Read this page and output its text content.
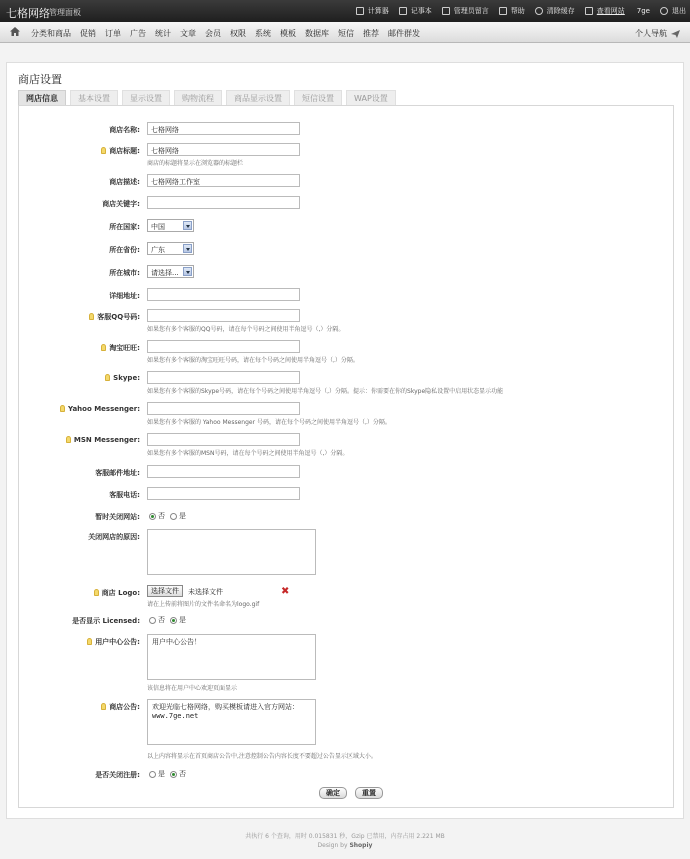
七格网络 管理面板	计算器	记事本	管理员留言	帮助	清除缓存	查看网站 7ge	退出
分类和商品 促销 订单 广告 统计 文章 会员 权限 系统 模板 数据库 短信 推荐 邮件群发	个人导航
商店设置
网店信息	基本设置	显示设置	购物流程	商品显示设置	短信设置	WAP设置
商店名称:	七格网络
商店标题:	七格网络
商店的标题将显示在浏览器的标题栏
商店描述:	七格网络工作室
商店关键字:
所在国家:	中国
所在省份:	广东
所在城市:	请选择...
详细地址:
客服QQ号码:
如果您有多个客服的QQ号码，请在每个号码之间使用半角逗号（,）分隔。
淘宝旺旺:
如果您有多个客服的淘宝旺旺号码，请在每个号码之间使用半角逗号（,）分隔。
Skype:
如果您有多个客服的Skype号码，请在每个号码之间使用半角逗号（,）分隔。提示：你需要在你的Skype隐私设置中启用状态显示功能
Yahoo Messenger:
如果您有多个客服的 Yahoo Messenger 号码，请在每个号码之间使用半角逗号（,）分隔。
MSN Messenger:
如果您有多个客服的MSN号码，请在每个号码之间使用半角逗号（,）分隔。
客服邮件地址:
客服电话:
暂时关闭网站:	否 是
关闭网店的原因:
商店 Logo:	选择文件	未选择文件	✖
请在上传前将图片的文件名命名为logo.gif
是否显示 Licensed:	否 是
用户中心公告:	用户中心公告！
该信息将在用户中心欢迎页面显示
商店公告:	欢迎光临七格网络，购买模板请进入官方网站：
www.7ge.net
以上内容将显示在首页商店公告中,注意控制公告内容长度不要超过公告显示区域大小。
是否关闭注册:	是 否
确定	重置
共执行 6 个查询，用时 0.015831 秒，Gzip 已禁用，内存占用 2.221 MB
Design by Shopiy
